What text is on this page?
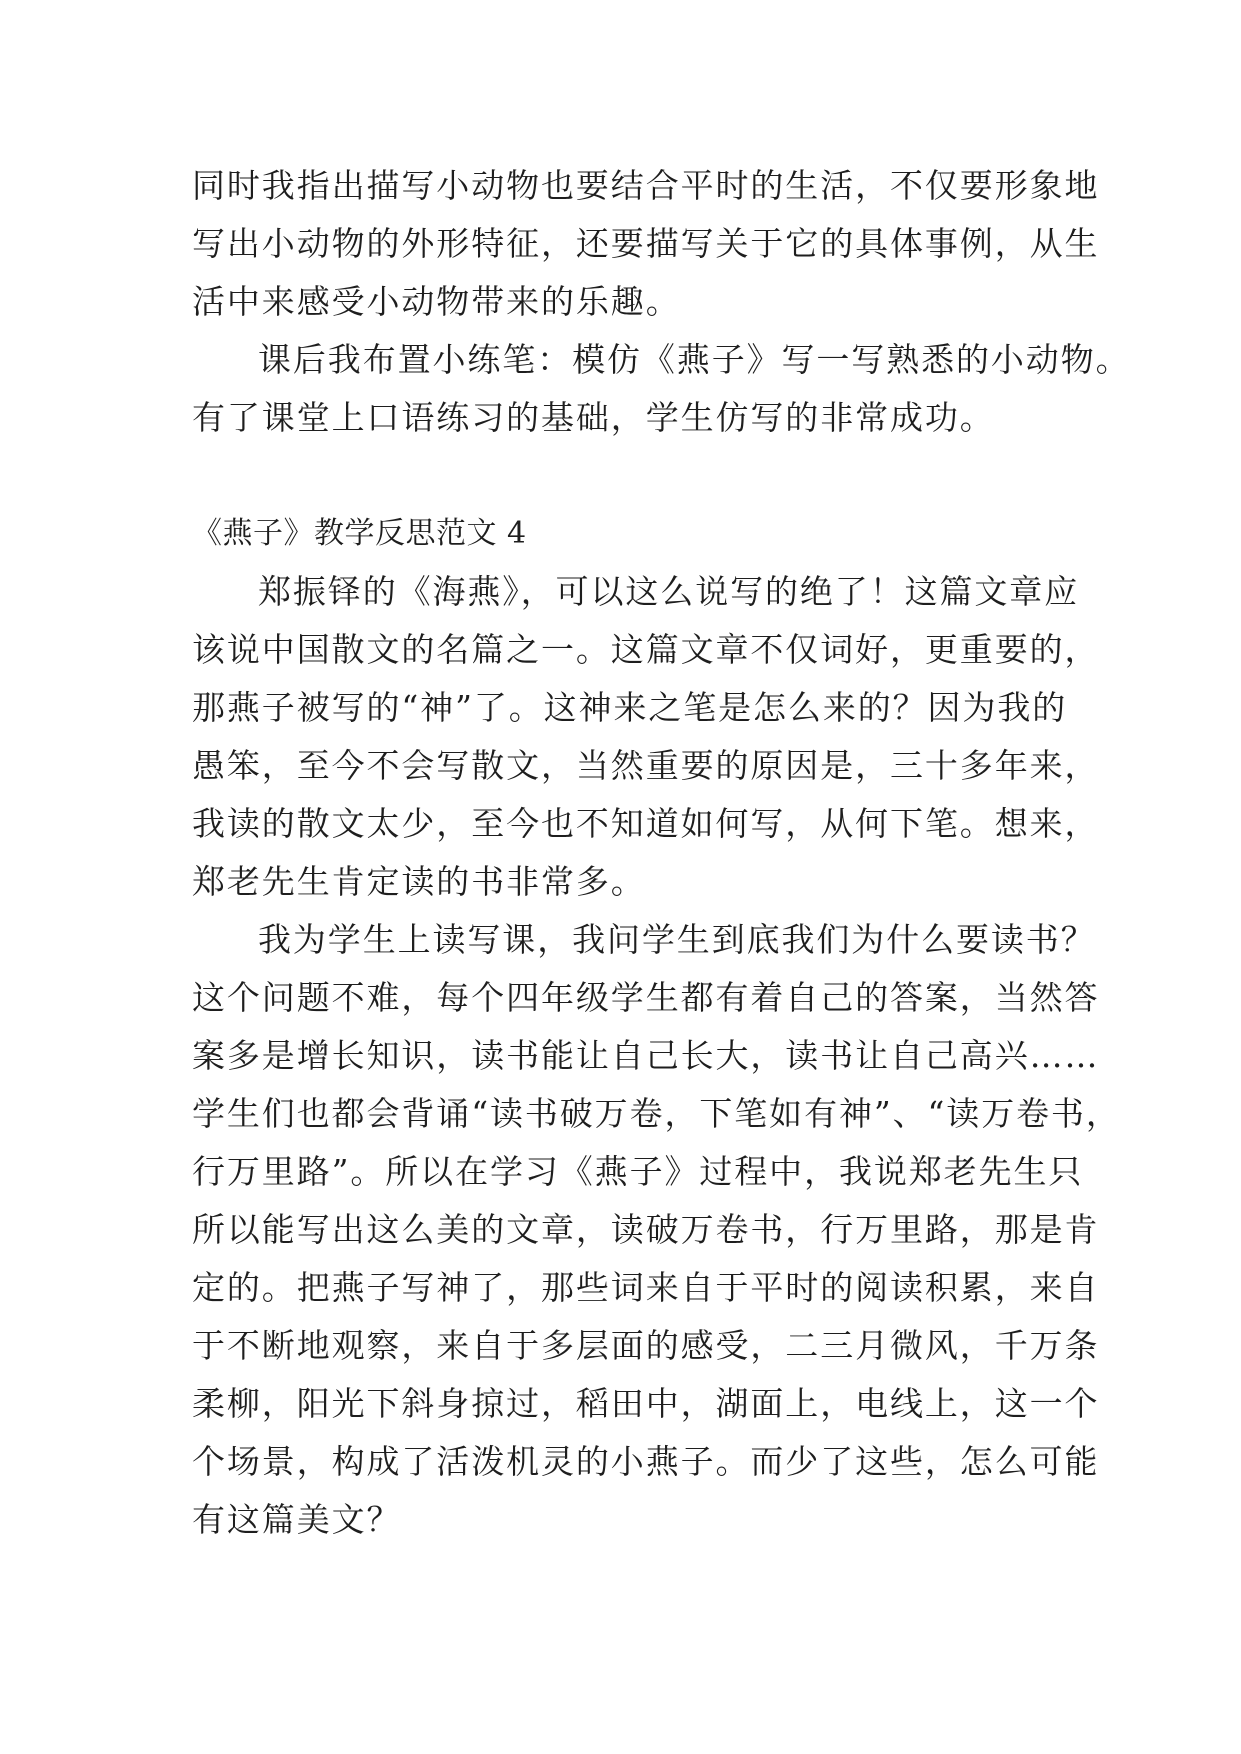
同时我指出描写小动物也要结合平时的生活，不仅要形象地
写出小动物的外形特征，还要描写关于它的具体事例，从生
活中来感受小动物带来的乐趣。
课后我布置小练笔：模仿《燕子》写一写熟悉的小动物。
有了课堂上口语练习的基础，学生仿写的非常成功。
《燕子》教学反思范文 4
郑振铎的《海燕》，可以这么说写的绝了！这篇文章应
该说中国散文的名篇之一。这篇文章不仅词好，更重要的，
那燕子被写的“神”了。这神来之笔是怎么来的？因为我的
愚笨，至今不会写散文，当然重要的原因是，三十多年来，
我读的散文太少，至今也不知道如何写，从何下笔。想来，
郑老先生肯定读的书非常多。
我为学生上读写课，我问学生到底我们为什么要读书？
这个问题不难，每个四年级学生都有着自己的答案，当然答
案多是增长知识，读书能让自己长大，读书让自己高兴……
学生们也都会背诵“读书破万卷，下笔如有神”、“读万卷书，
行万里路”。所以在学习《燕子》过程中，我说郑老先生只
所以能写出这么美的文章，读破万卷书，行万里路，那是肯
定的。把燕子写神了，那些词来自于平时的阅读积累，来自
于不断地观察，来自于多层面的感受，二三月微风，千万条
柔柳，阳光下斜身掠过，稻田中，湖面上，电线上，这一个
个场景，构成了活泼机灵的小燕子。而少了这些，怎么可能
有这篇美文？
